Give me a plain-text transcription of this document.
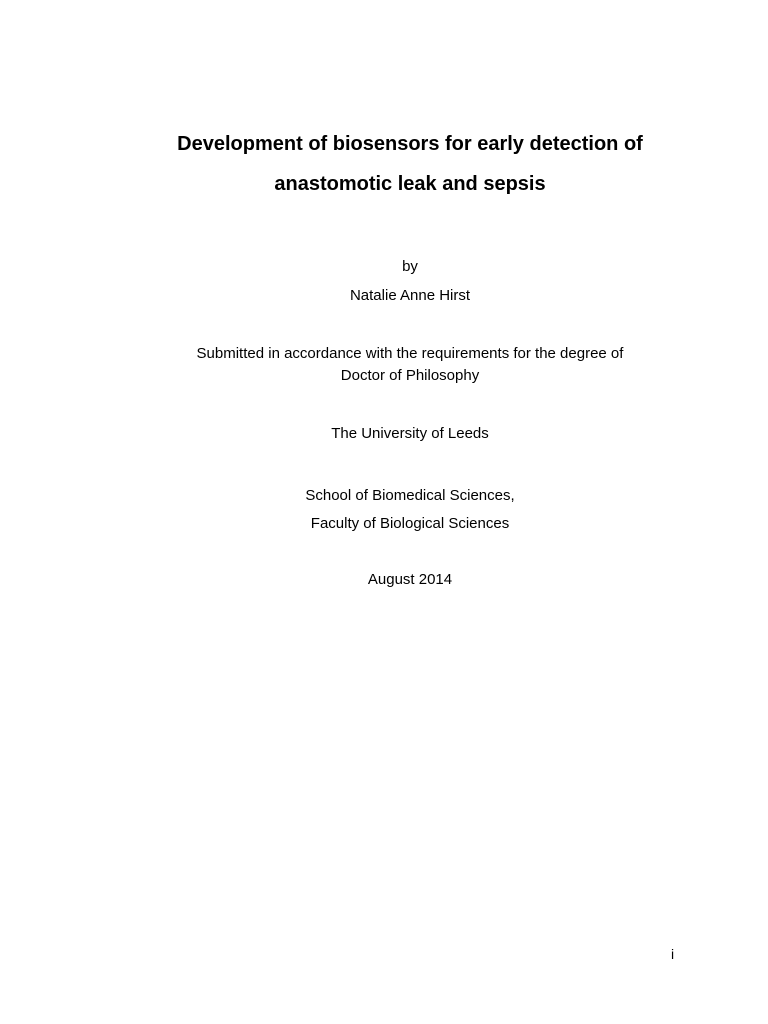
Development of biosensors for early detection of
anastomotic leak and sepsis
by
Natalie Anne Hirst
Submitted in accordance with the requirements for the degree of
Doctor of Philosophy
The University of Leeds
School of Biomedical Sciences,
Faculty of Biological Sciences
August 2014
i
